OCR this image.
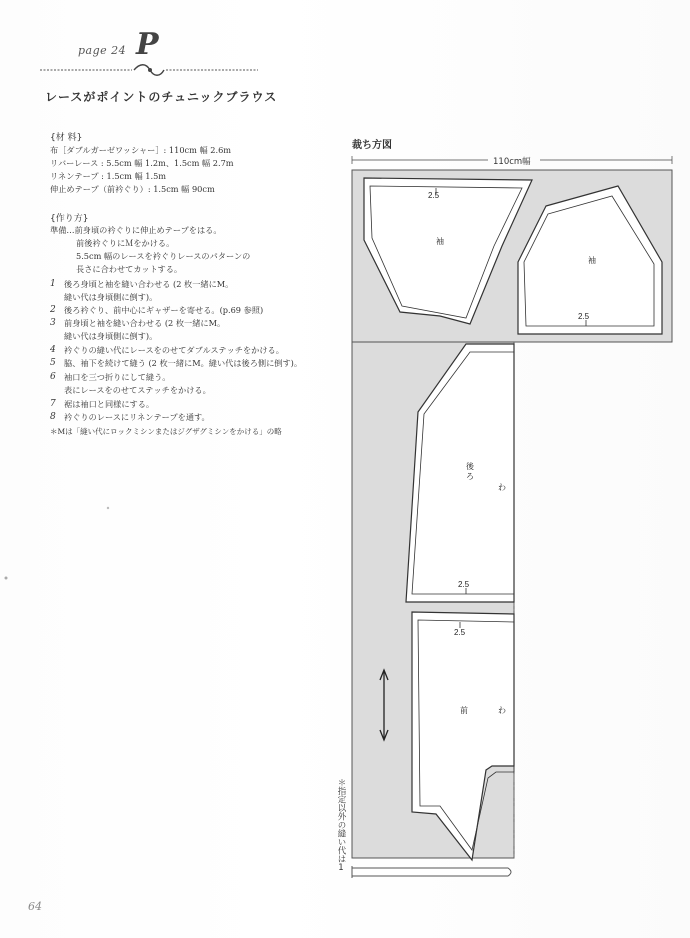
page 24 P
レースがポイントのチュニックブラウス
{材 料}
布［ダブルガーゼワッシャー］: 110cm 幅 2.6m
リバーレース : 5.5cm 幅 1.2m、1.5cm 幅 2.7m
リネンテープ : 1.5cm 幅 1.5m
伸止めテープ（前衿ぐり）: 1.5cm 幅 90cm
{作り方}
準備…前身頃の衿ぐりに伸止めテープをはる。
前後衿ぐりにＭをかける。
5.5cm 幅のレースを衿ぐりレースのパターンの
長さに合わせてカットする。
1 後ろ身頃と袖を縫い合わせる (2 枚一緒にM。
縫い代は身頃側に倒す)。
2 後ろ衿ぐり、前中心にギャザーを寄せる。(p.69 参照)
3 前身頃と袖を縫い合わせる (2 枚一緒にM。
縫い代は身頃側に倒す)。
4 衿ぐりの縫い代にレースをのせてダブルステッチをかける。
5 脇、袖下を続けて縫う (2 枚一緒にM。縫い代は後ろ側に倒す)。
6 袖口を三つ折りにして縫う。
表にレースをのせてステッチをかける。
7 裾は袖口と同様にする。
8 衿ぐりのレースにリネンテープを通す。
＊Mは「縫い代にロックミシンまたはジグザグミシンをかける」の略
裁ち方図
110cm幅
袖
袖
後ろ
わ
前	わ
2.5
2.5
2.5
2.5
＊指定以外の縫い代は1
64
